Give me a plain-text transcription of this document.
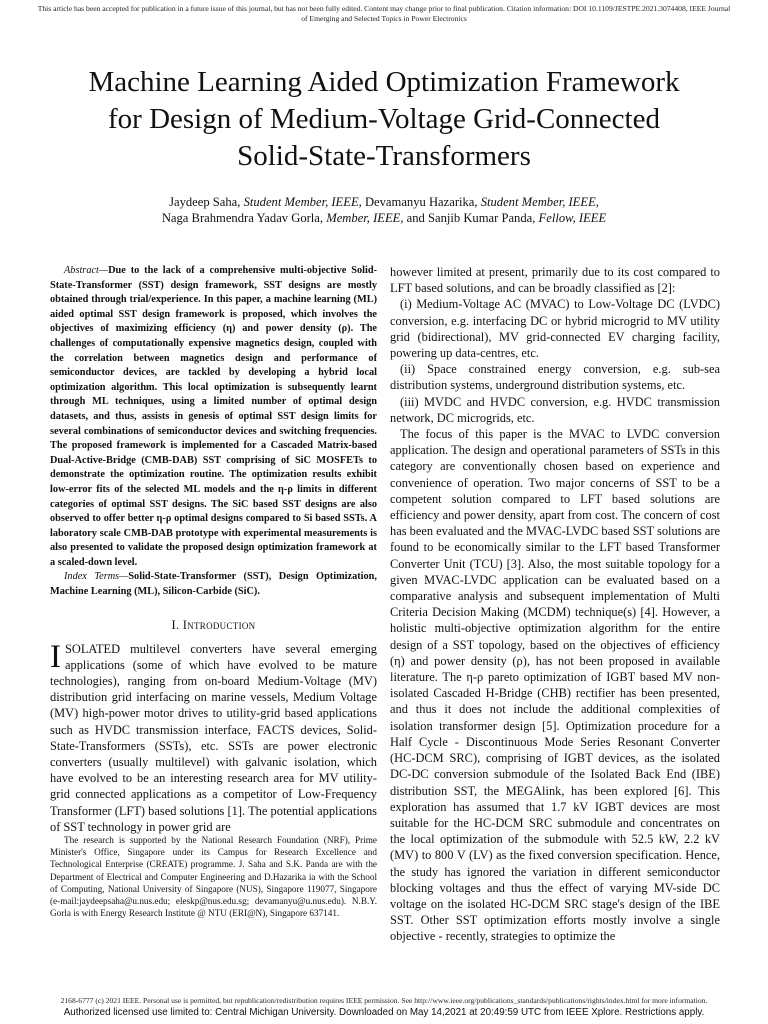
This article has been accepted for publication in a future issue of this journal, but has not been fully edited. Content may change prior to final publication. Citation information: DOI 10.1109/JESTPE.2021.3074408, IEEE Journal
of Emerging and Selected Topics in Power Electronics
Machine Learning Aided Optimization Framework
for Design of Medium-Voltage Grid-Connected
Solid-State-Transformers
Jaydeep Saha, Student Member, IEEE, Devamanyu Hazarika, Student Member, IEEE,
Naga Brahmendra Yadav Gorla, Member, IEEE, and Sanjib Kumar Panda, Fellow, IEEE
Abstract—Due to the lack of a comprehensive multi-objective Solid-State-Transformer (SST) design framework, SST designs are mostly obtained through trial/experience. In this paper, a machine learning (ML) aided optimal SST design framework is proposed, which involves the objectives of maximizing efficiency (η) and power density (ρ). The challenges of computationally expensive magnetics design, coupled with the correlation between magnetics design and performance of semiconductor devices, are tackled by developing a hybrid local optimization algorithm. This local optimization is subsequently learnt through ML techniques, using a limited number of optimal design datasets, and thus, assists in genesis of optimal SST design limits for several combinations of semiconductor devices and switching frequencies. The proposed framework is implemented for a Cascaded Matrix-based Dual-Active-Bridge (CMB-DAB) SST comprising of SiC MOSFETs to demonstrate the optimization routine. The optimization results exhibit low-error fits of the selected ML models and the η-ρ limits in different categories of optimal SST designs. The SiC based SST designs are also observed to offer better η-ρ optimal designs compared to Si based SSTs. A laboratory scale CMB-DAB prototype with experimental measurements is also presented to validate the proposed design optimization framework at a scaled-down level.
Index Terms—Solid-State-Transformer (SST), Design Optimization, Machine Learning (ML), Silicon-Carbide (SiC).
I. Introduction
ISOLATED multilevel converters have several emerging applications (some of which have evolved to be mature technologies), ranging from on-board Medium-Voltage (MV) distribution grid interfacing on marine vessels, Medium Voltage (MV) high-power motor drives to utility-grid based applications such as HVDC transmission interface, FACTS devices, Solid-State-Transformers (SSTs), etc. SSTs are power electronic converters (usually multilevel) with galvanic isolation, which have evolved to be an interesting research area for MV utility-grid connected applications as a competitor of Low-Frequency Transformer (LFT) based solutions [1]. The potential applications of SST technology in power grid are
The research is supported by the National Research Foundation (NRF), Prime Minister's Office, Singapore under its Campus for Research Excellence and Technological Enterprise (CREATE) programme. J. Saha and S.K. Panda are with the Department of Electrical and Computer Engineering and D.Hazarika ia with the School of Computing, National University of Singapore (NUS), Singapore 119077, Singapore (e-mail:jaydeepsaha@u.nus.edu; eleskp@nus.edu.sg; devamanyu@u.nus.edu). N.B.Y. Gorla is with Energy Research Institute @ NTU (ERI@N), Singapore 637141.

however limited at present, primarily due to its cost compared to LFT based solutions, and can be broadly classified as [2]:

(i) Medium-Voltage AC (MVAC) to Low-Voltage DC (LVDC) conversion, e.g. interfacing DC or hybrid microgrid to MV utility grid (bidirectional), MV grid-connected EV charging facility, powering up data-centres, etc.

(ii) Space constrained energy conversion, e.g. sub-sea distribution systems, underground distribution systems, etc.

(iii) MVDC and HVDC conversion, e.g. HVDC transmission network, DC microgrids, etc.

The focus of this paper is the MVAC to LVDC conversion application. The design and operational parameters of SSTs in this category are conventionally chosen based on experience and convenience of operation. Two major concerns of SST to be a competent solution compared to LFT based solutions are efficiency and power density, apart from cost. The concern of cost has been evaluated and the MVAC-LVDC based SST solutions are found to be economically similar to the LFT based Transformer Converter Unit (TCU) [3]. Also, the most suitable topology for a given MVAC-LVDC application can be evaluated based on a comparative analysis and subsequent implementation of Multi Criteria Decision Making (MCDM) technique(s) [4]. However, a holistic multi-objective optimization algorithm for the entire design of a SST topology, based on the objectives of efficiency (η) and power density (ρ), has not been proposed in available literature. The η-ρ pareto optimization of IGBT based MV non-isolated Cascaded H-Bridge (CHB) rectifier has been presented, and thus it does not include the additional complexities of isolation transformer design [5]. Optimization procedure for a Half Cycle - Discontinuous Mode Series Resonant Converter (HC-DCM SRC), comprising of IGBT devices, as the isolated DC-DC conversion submodule of the Isolated Back End (IBE) distribution SST, the MEGAlink, has been explored [6]. This exploration has assumed that 1.7 kV IGBT devices are most suitable for the HC-DCM SRC submodule and concentrates on the local optimization of the submodule with 52.5 kW, 2.2 kV (MV) to 800 V (LV) as the fixed conversion specification. Hence, the study has ignored the variation in different semiconductor blocking voltages and thus the effect of varying MV-side DC voltage on the isolated HC-DCM SRC stage's design of the IBE SST. Other SST optimization efforts mostly involve a single objective - recently, strategies to optimize the

2168-6777 (c) 2021 IEEE. Personal use is permitted, but republication/redistribution requires IEEE permission. See http://www.ieee.org/publications_standards/publications/rights/index.html for more information.
Authorized licensed use limited to: Central Michigan University. Downloaded on May 14,2021 at 20:49:59 UTC from IEEE Xplore. Restrictions apply.
